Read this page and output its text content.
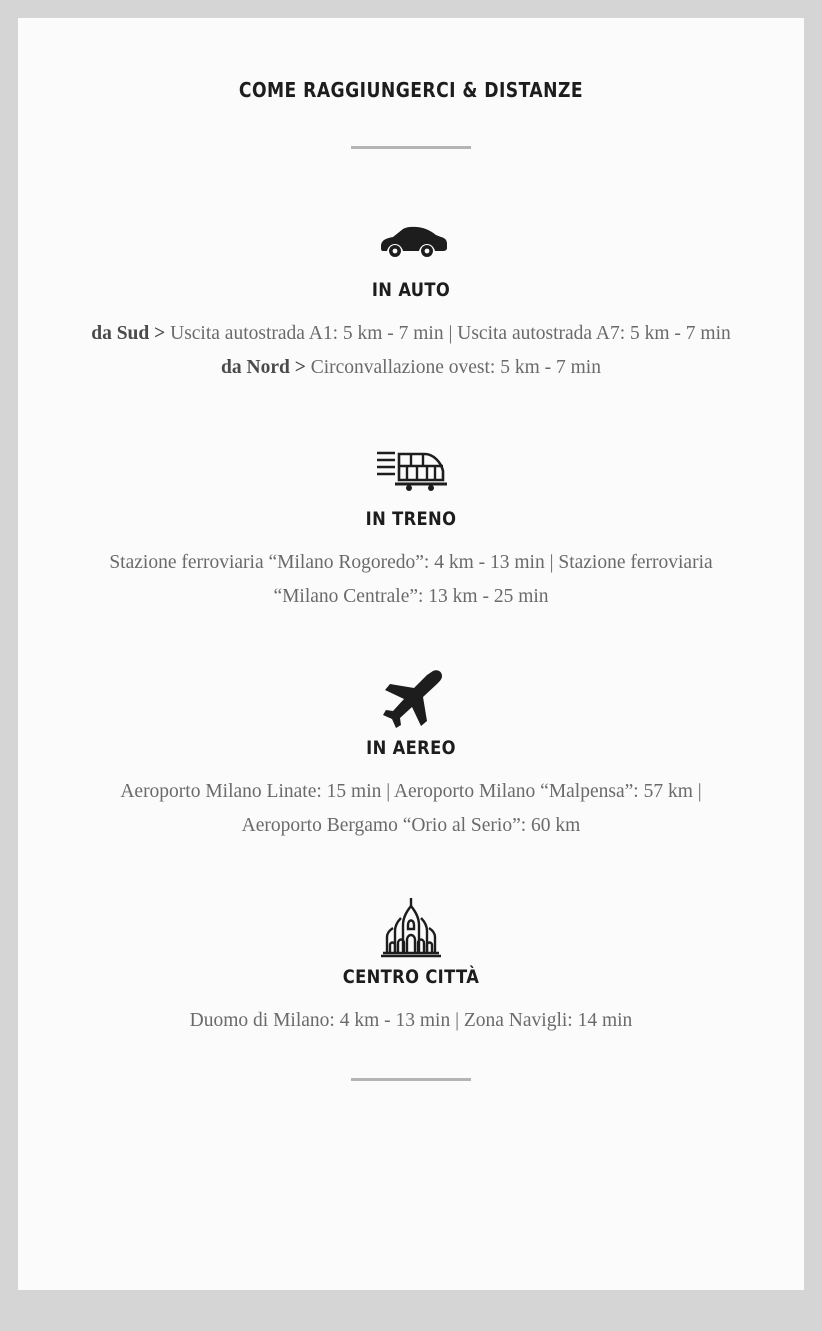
COME RAGGIUNGERCI & DISTANZE
IN AUTO

da Sud > Uscita autostrada A1: 5 km - 7 min | Uscita autostrada A7: 5 km - 7 min
da Nord > Circonvallazione ovest: 5 km - 7 min

IN TRENO

Stazione ferroviaria “Milano Rogoredo”: 4 km - 13 min | Stazione ferroviaria “Milano Centrale”: 13 km - 25 min

IN AEREO

Aeroporto Milano Linate: 15 min | Aeroporto Milano “Malpensa”: 57 km | Aeroporto Bergamo “Orio al Serio”: 60 km

CENTRO CITTÀ

Duomo di Milano: 4 km - 13 min | Zona Navigli: 14 min
